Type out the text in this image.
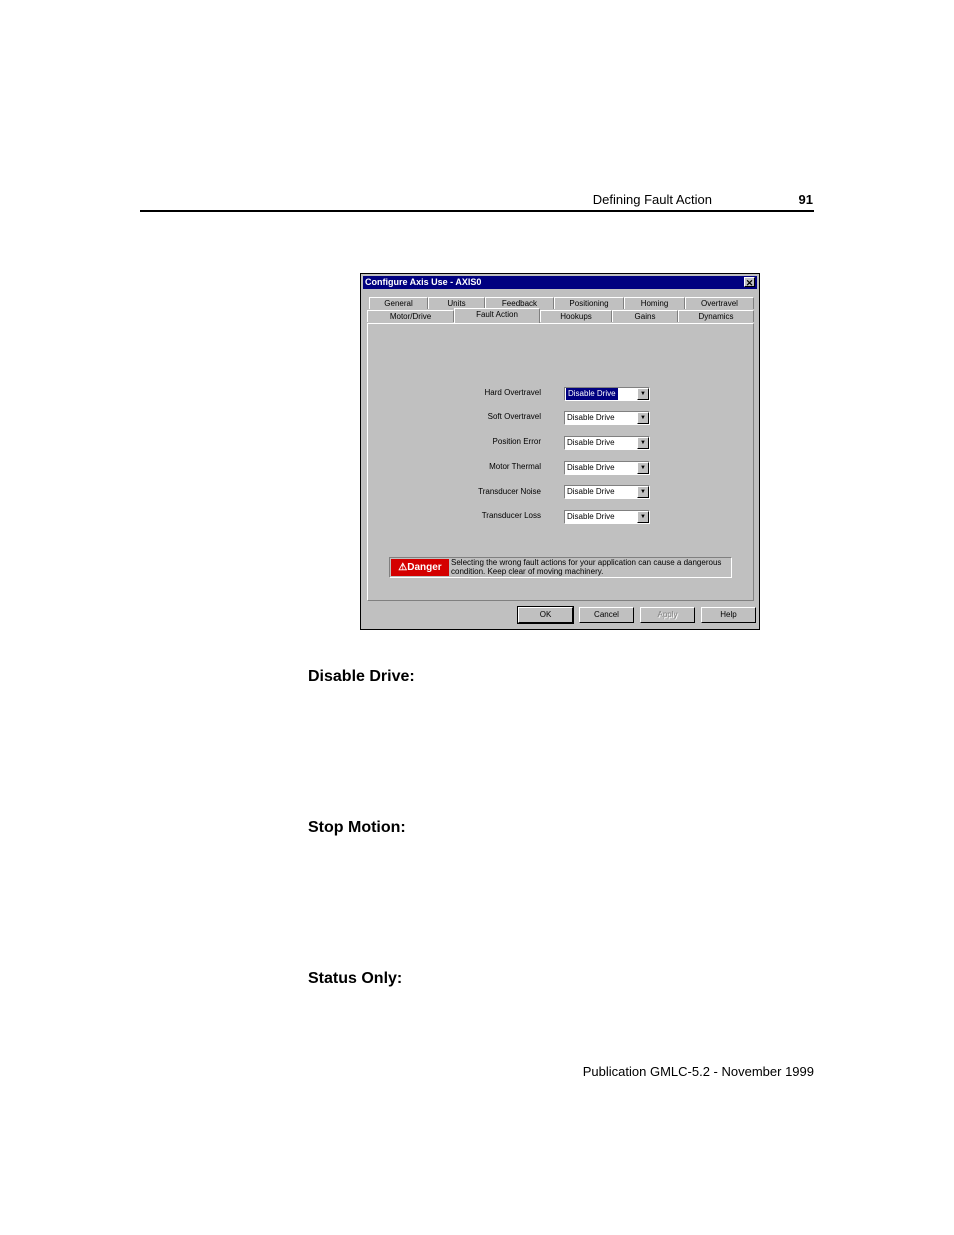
Defining Fault Action	91
Configure Axis Use - AXIS0	✕
General	Units	Feedback	Positioning	Homing	Overtravel
Motor/Drive	Fault Action	Hookups	Gains	Dynamics
Hard Overtravel	Disable Drive	▼
Soft Overtravel	Disable Drive	▼
Position Error	Disable Drive	▼
Motor Thermal	Disable Drive	▼
Transducer Noise	Disable Drive	▼
Transducer Loss	Disable Drive	▼
⚠Danger	Selecting the wrong fault actions for your application can cause a dangerous condition. Keep clear of moving machinery.
OK	Cancel	Apply	Help
Disable Drive:
Stop Motion:
Status Only:
Publication GMLC-5.2 - November 1999
